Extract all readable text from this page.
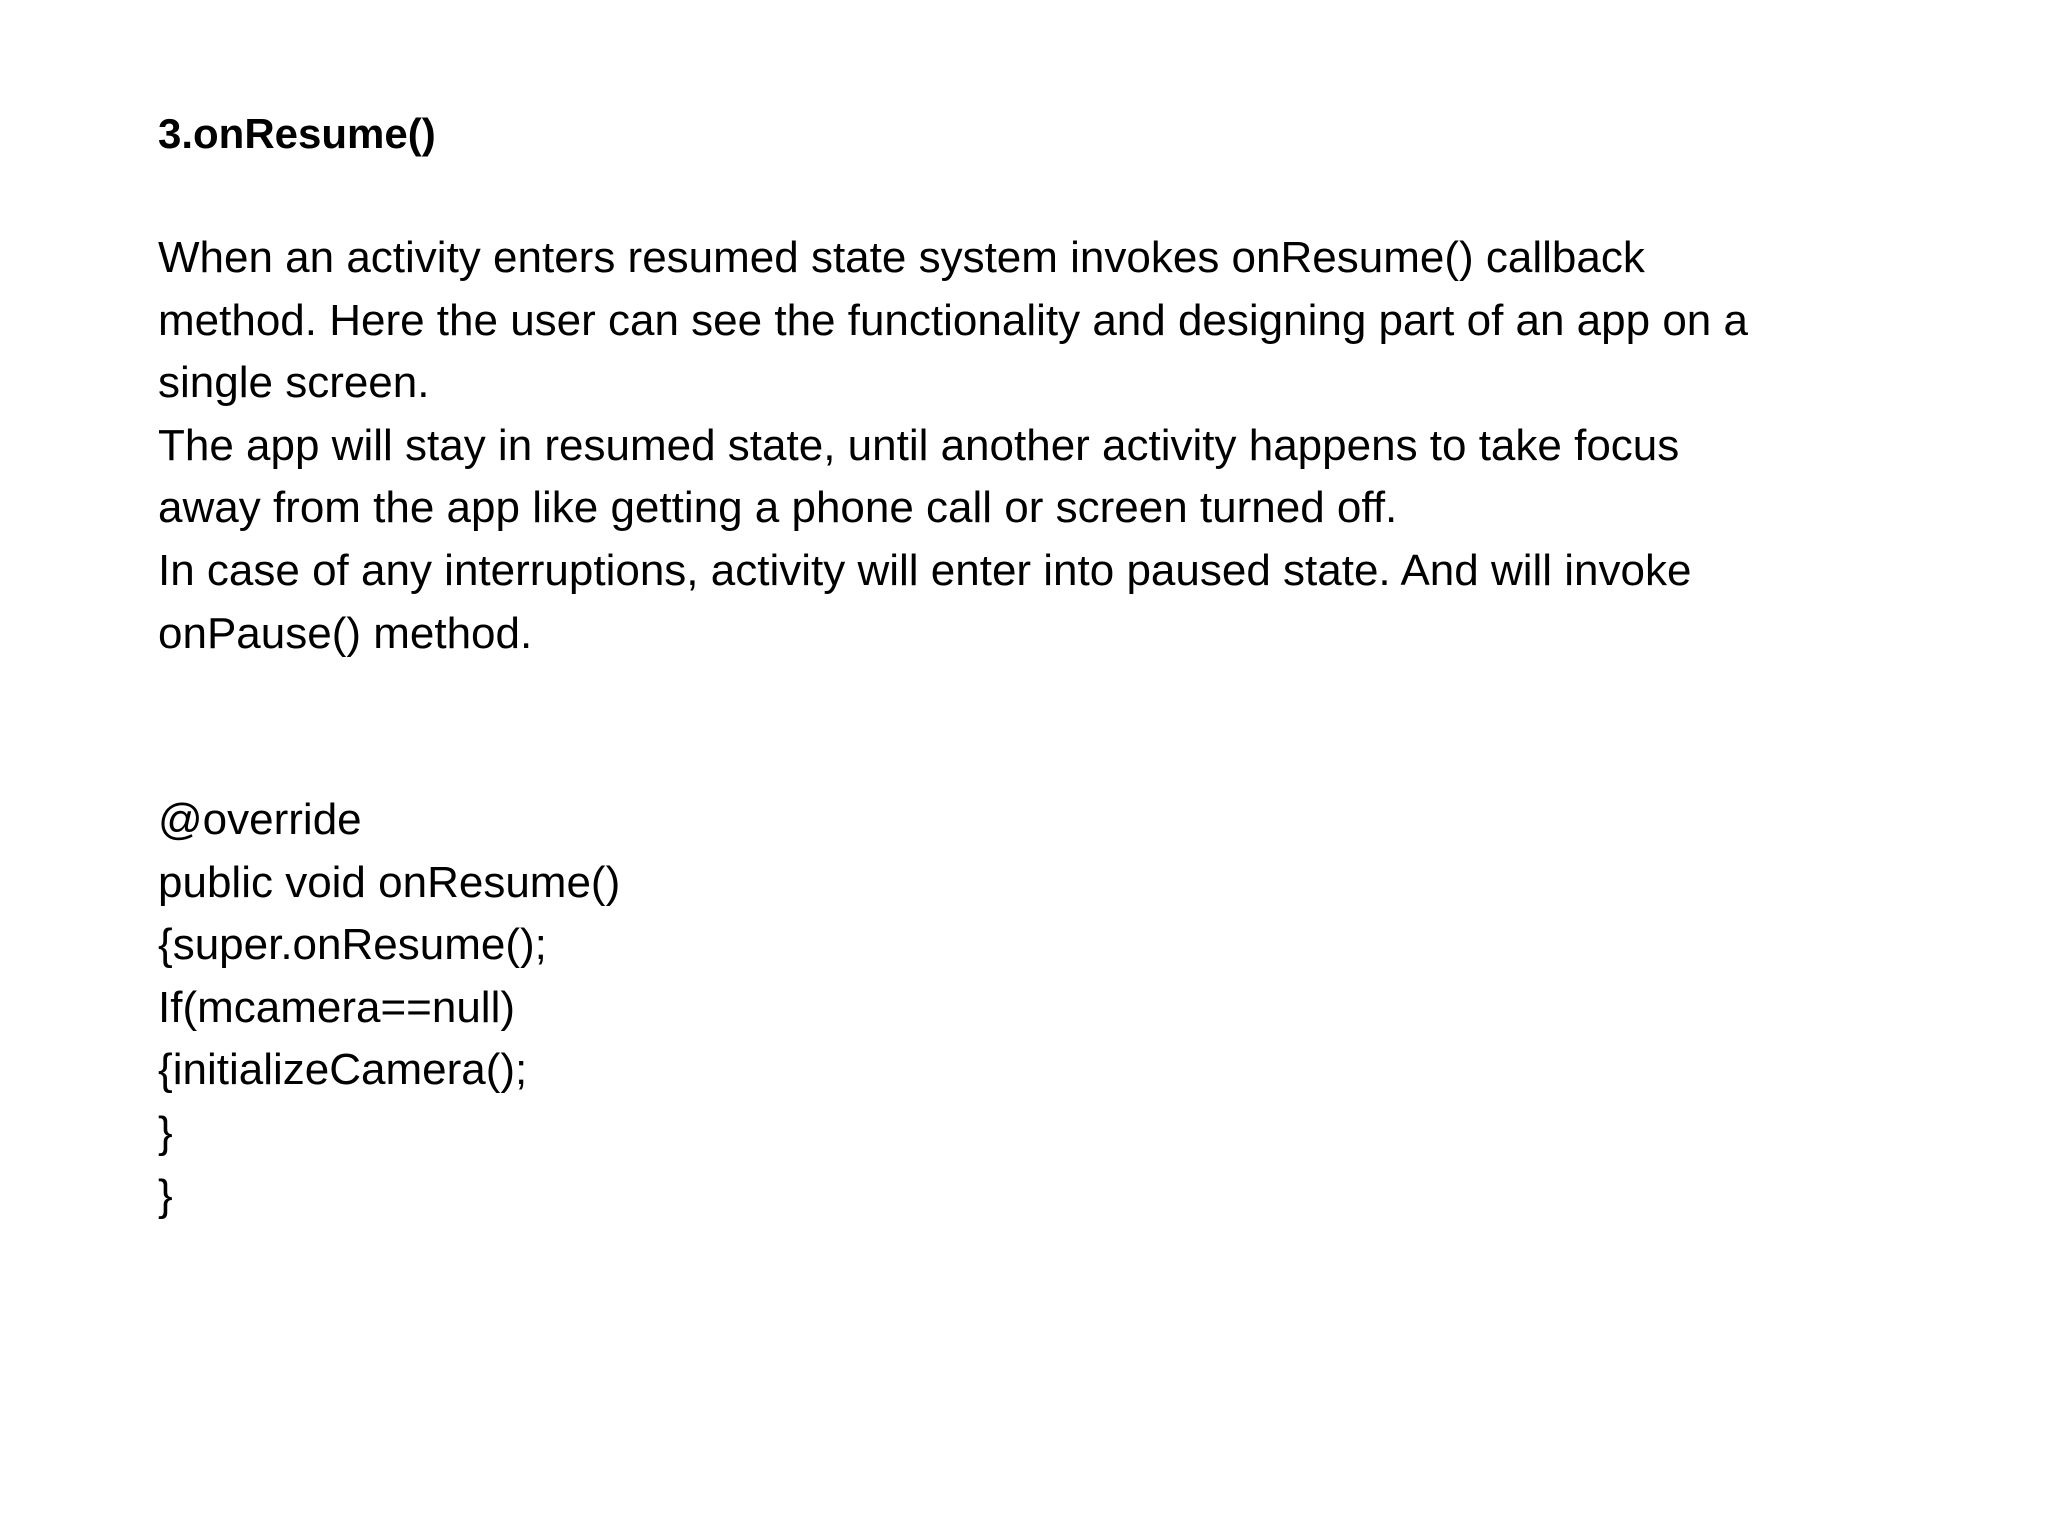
3.onResume()
When an activity enters resumed state system invokes onResume() callback
method. Here the user can see the functionality and designing part of an app on a
single screen.
The app will stay in resumed state, until another activity happens to take focus
away from the app like getting a phone call or screen turned off.
In case of any interruptions, activity will enter into paused state. And will invoke
onPause() method.
@override
public void onResume()
{super.onResume();
If(mcamera==null)
{initializeCamera();
}
}
